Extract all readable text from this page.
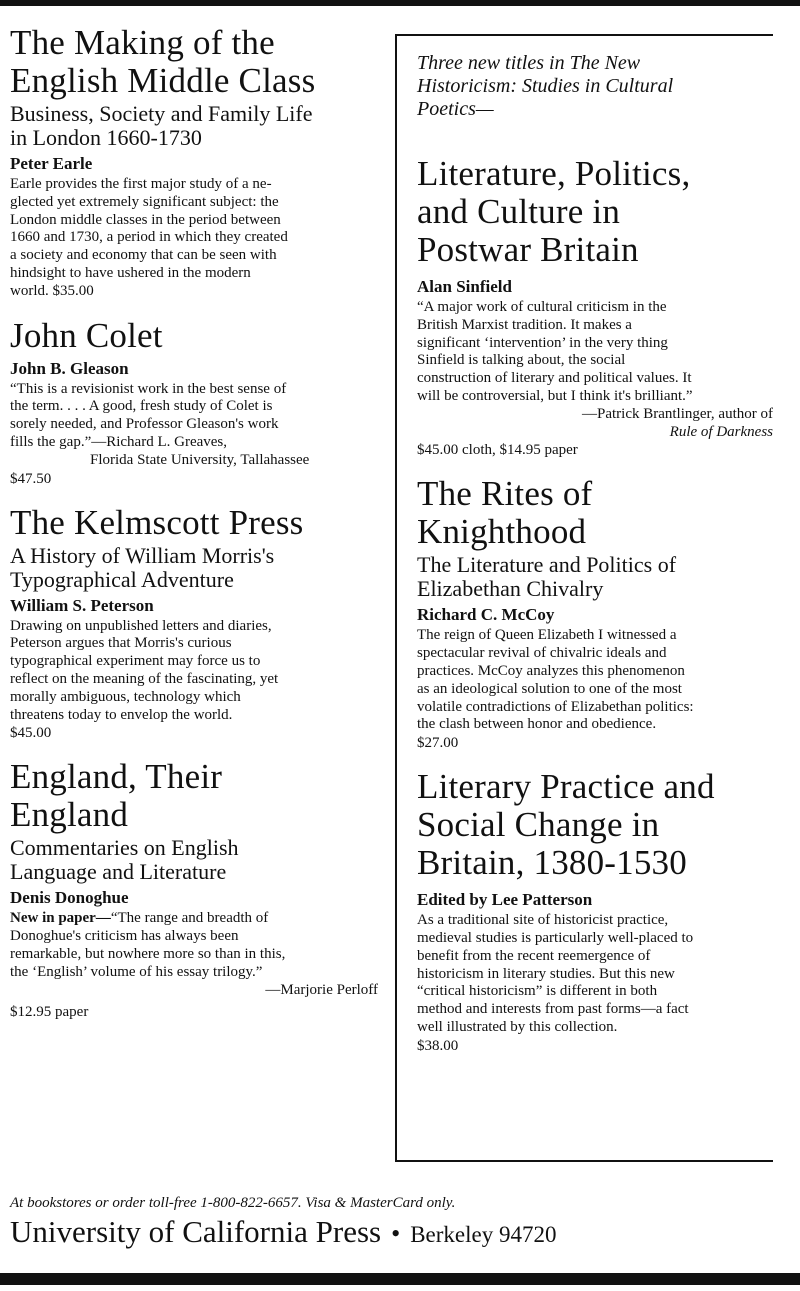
The Making of the
English Middle Class
Business, Society and Family Life
in London 1660-1730
Peter Earle
Earle provides the first major study of a ne-
glected yet extremely significant subject: the
London middle classes in the period between
1660 and 1730, a period in which they created
a society and economy that can be seen with
hindsight to have ushered in the modern
world. $35.00
John Colet
John B. Gleason
“This is a revisionist work in the best sense of
the term. . . . A good, fresh study of Colet is
sorely needed, and Professor Gleason's work
fills the gap.”—Richard L. Greaves,
Florida State University, Tallahassee
$47.50
The Kelmscott Press
A History of William Morris's
Typographical Adventure
William S. Peterson
Drawing on unpublished letters and diaries,
Peterson argues that Morris's curious
typographical experiment may force us to
reflect on the meaning of the fascinating, yet
morally ambiguous, technology which
threatens today to envelop the world.
$45.00
England, Their
England
Commentaries on English
Language and Literature
Denis Donoghue
New in paper—“The range and breadth of
Donoghue's criticism has always been
remarkable, but nowhere more so than in this,
the ‘English’ volume of his essay trilogy.”
—Marjorie Perloff
$12.95 paper
Three new titles in The New
Historicism: Studies in Cultural
Poetics—
Literature, Politics,
and Culture in
Postwar Britain
Alan Sinfield
“A major work of cultural criticism in the
British Marxist tradition. It makes a
significant ‘intervention’ in the very thing
Sinfield is talking about, the social
construction of literary and political values. It
will be controversial, but I think it's brilliant.”
—Patrick Brantlinger, author of
Rule of Darkness
$45.00 cloth, $14.95 paper
The Rites of
Knighthood
The Literature and Politics of
Elizabethan Chivalry
Richard C. McCoy
The reign of Queen Elizabeth I witnessed a
spectacular revival of chivalric ideals and
practices. McCoy analyzes this phenomenon
as an ideological solution to one of the most
volatile contradictions of Elizabethan politics:
the clash between honor and obedience.
$27.00
Literary Practice and
Social Change in
Britain, 1380-1530
Edited by Lee Patterson
As a traditional site of historicist practice,
medieval studies is particularly well-placed to
benefit from the recent reemergence of
historicism in literary studies. But this new
“critical historicism” is different in both
method and interests from past forms—a fact
well illustrated by this collection.
$38.00
At bookstores or order toll-free 1-800-822-6657. Visa & MasterCard only.
University of California Press • Berkeley 94720
